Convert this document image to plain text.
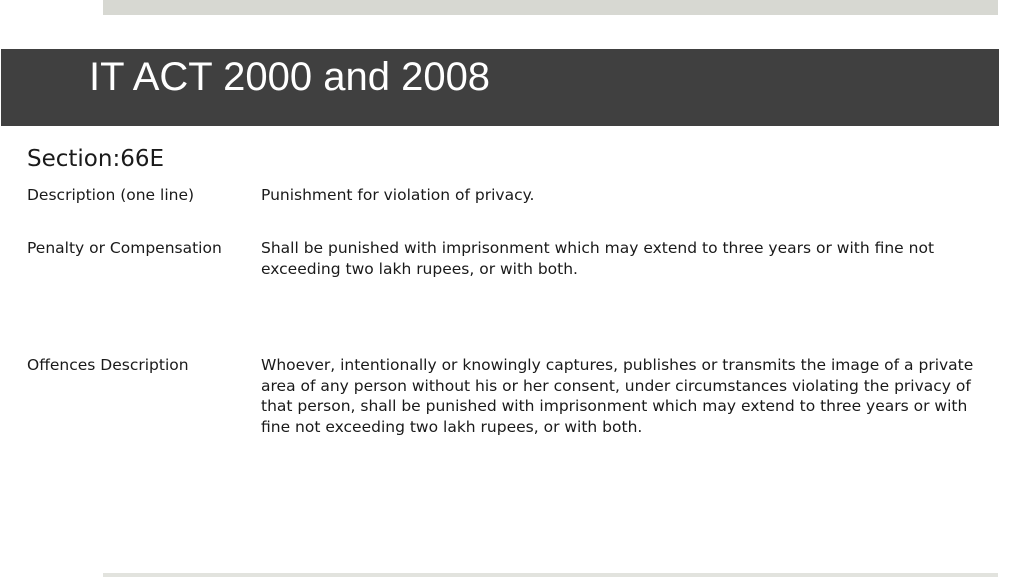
IT ACT 2000 and 2008
Section:66E
Description (one line)	Punishment for violation of privacy.
Penalty or Compensation	Shall be punished with imprisonment which may extend to three years or with fine not exceeding two lakh rupees, or with both.
Offences Description	Whoever, intentionally or knowingly captures, publishes or transmits the image of a private area of any person without his or her consent, under circumstances violating the privacy of that person, shall be punished with imprisonment which may extend to three years or with fine not exceeding two lakh rupees, or with both.
